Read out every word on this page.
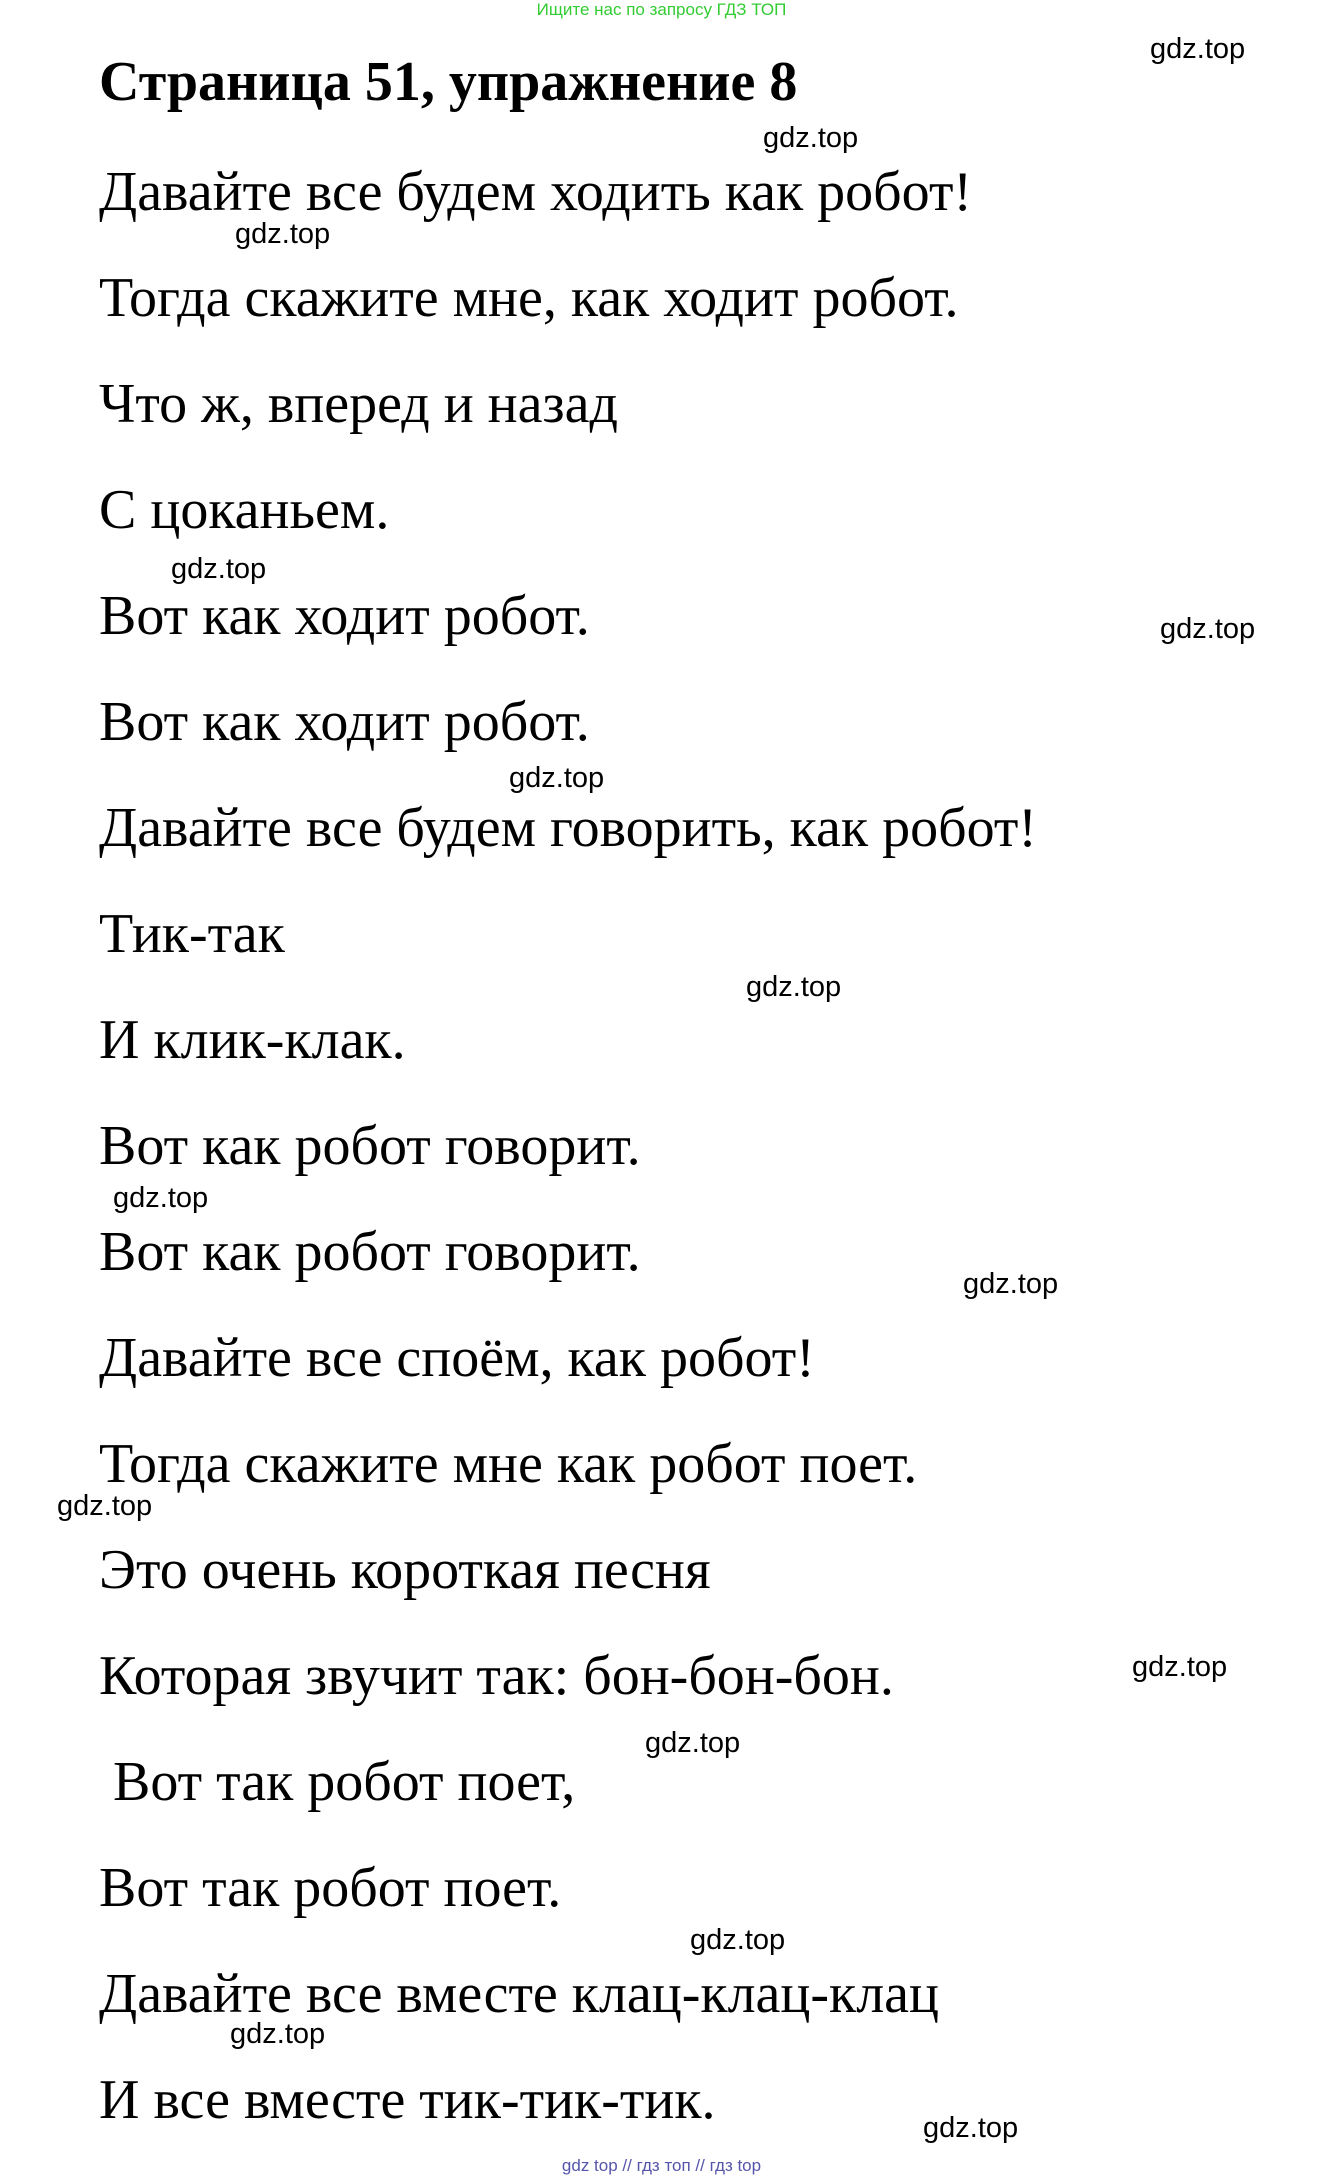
Ищите нас по запросу ГДЗ ТОП
Страница 51, упражнение 8

Давайте все будем ходить как робот!

Тогда скажите мне, как ходит робот.

Что ж, вперед и назад

С цоканьем.

Вот как ходит робот.

Вот как ходит робот.

Давайте все будем говорить, как робот!

Тик-так

И клик-клак.

Вот как робот говорит.

Вот как робот говорит.

Давайте все споём, как робот!

Тогда скажите мне как робот поет.

Это очень короткая песня

Которая звучит так: бон-бон-бон.

Вот так робот поет,

Вот так робот поет.

Давайте все вместе клац-клац-клац

И все вместе тик-тик-тик.

gdz.top
gdz.top
gdz.top
gdz.top
gdz.top
gdz.top
gdz.top
gdz.top
gdz.top
gdz.top
gdz.top
gdz.top
gdz.top
gdz.top
gdz.top
gdz top // гдз топ // гдз top
